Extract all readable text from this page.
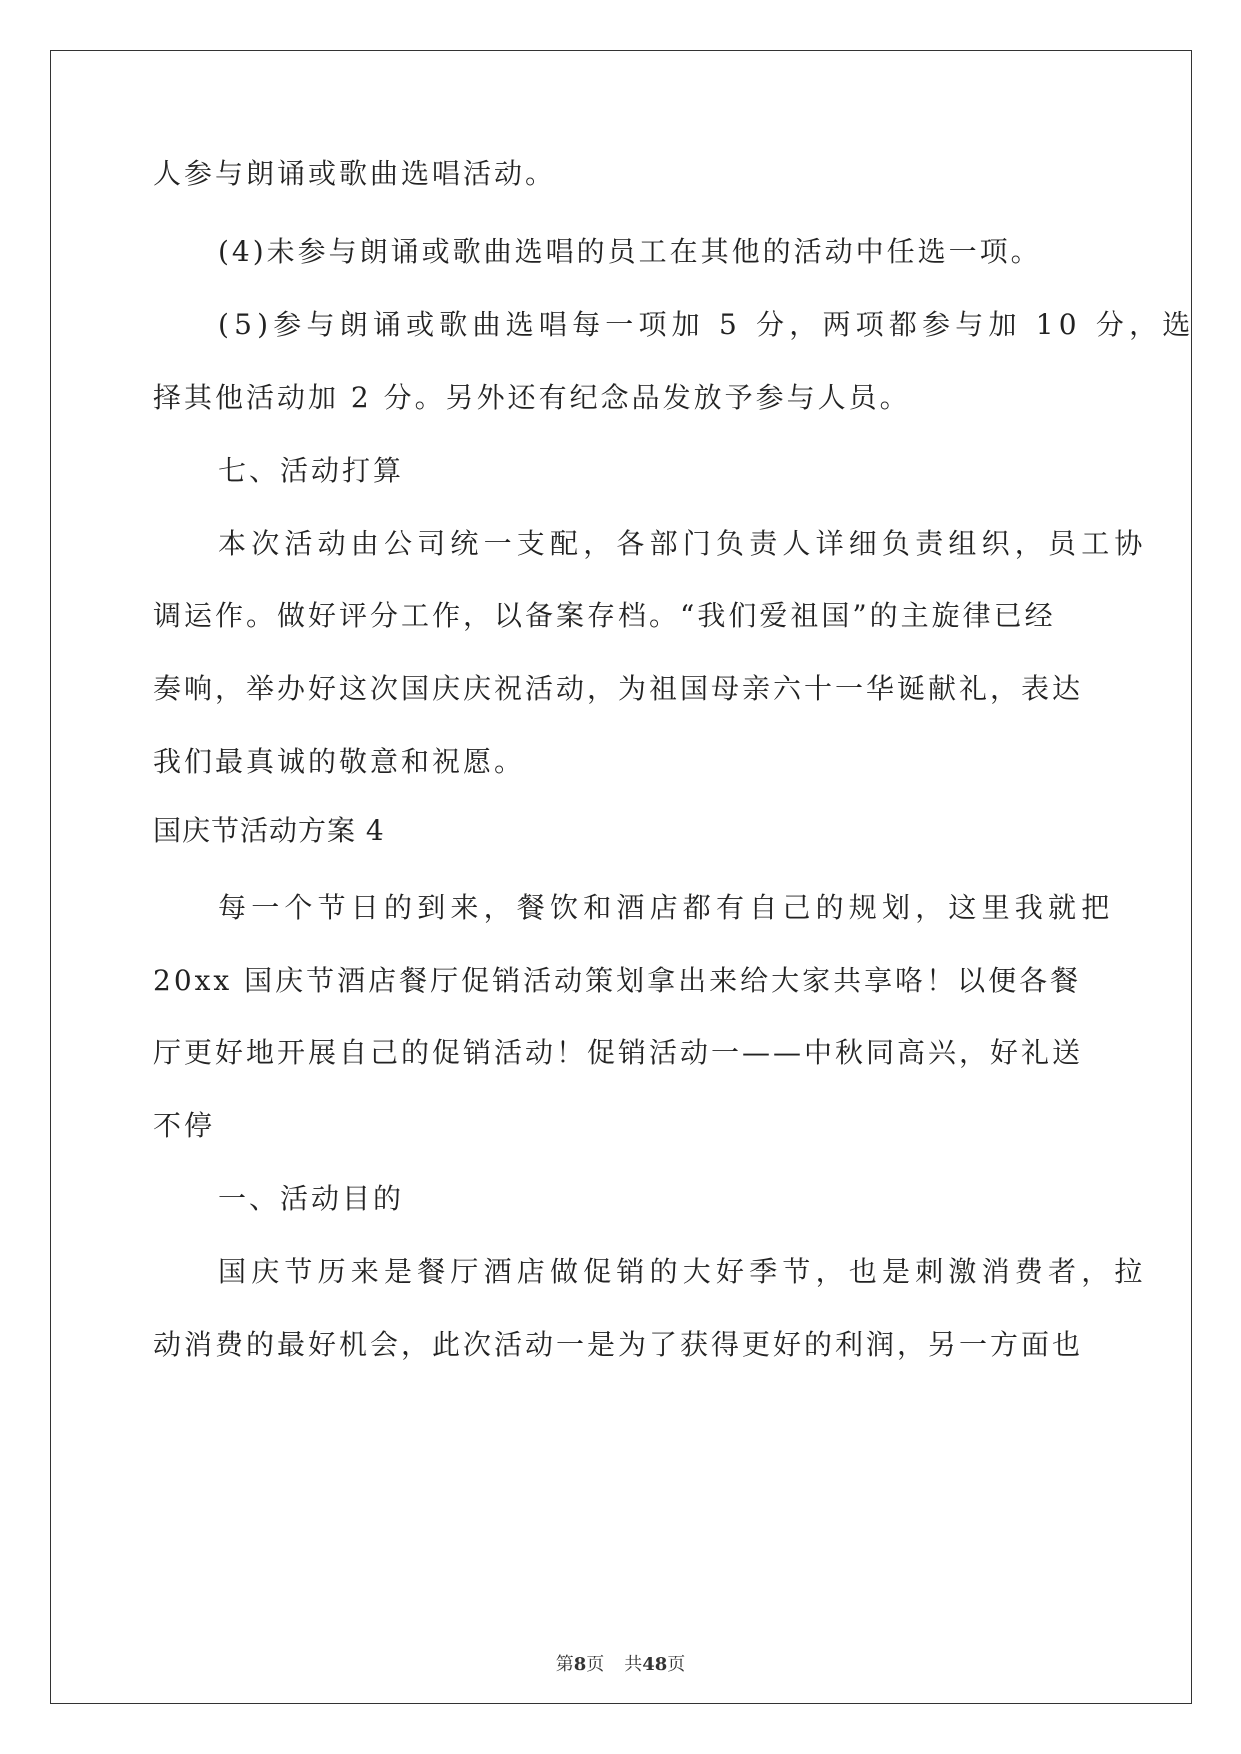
人参与朗诵或歌曲选唱活动。
(4)未参与朗诵或歌曲选唱的员工在其他的活动中任选一项。
(5)参与朗诵或歌曲选唱每一项加 5 分，两项都参与加 10 分，选
择其他活动加 2 分。另外还有纪念品发放予参与人员。
七、活动打算
本次活动由公司统一支配，各部门负责人详细负责组织，员工协
调运作。做好评分工作，以备案存档。“我们爱祖国”的主旋律已经
奏响，举办好这次国庆庆祝活动，为祖国母亲六十一华诞献礼，表达
我们最真诚的敬意和祝愿。
国庆节活动方案 4
每一个节日的到来，餐饮和酒店都有自己的规划，这里我就把
20xx 国庆节酒店餐厅促销活动策划拿出来给大家共享咯！以便各餐
厅更好地开展自己的促销活动！促销活动一——中秋同高兴，好礼送
不停
一、活动目的
国庆节历来是餐厅酒店做促销的大好季节，也是刺激消费者，拉
动消费的最好机会，此次活动一是为了获得更好的利润，另一方面也
第8页 共48页
